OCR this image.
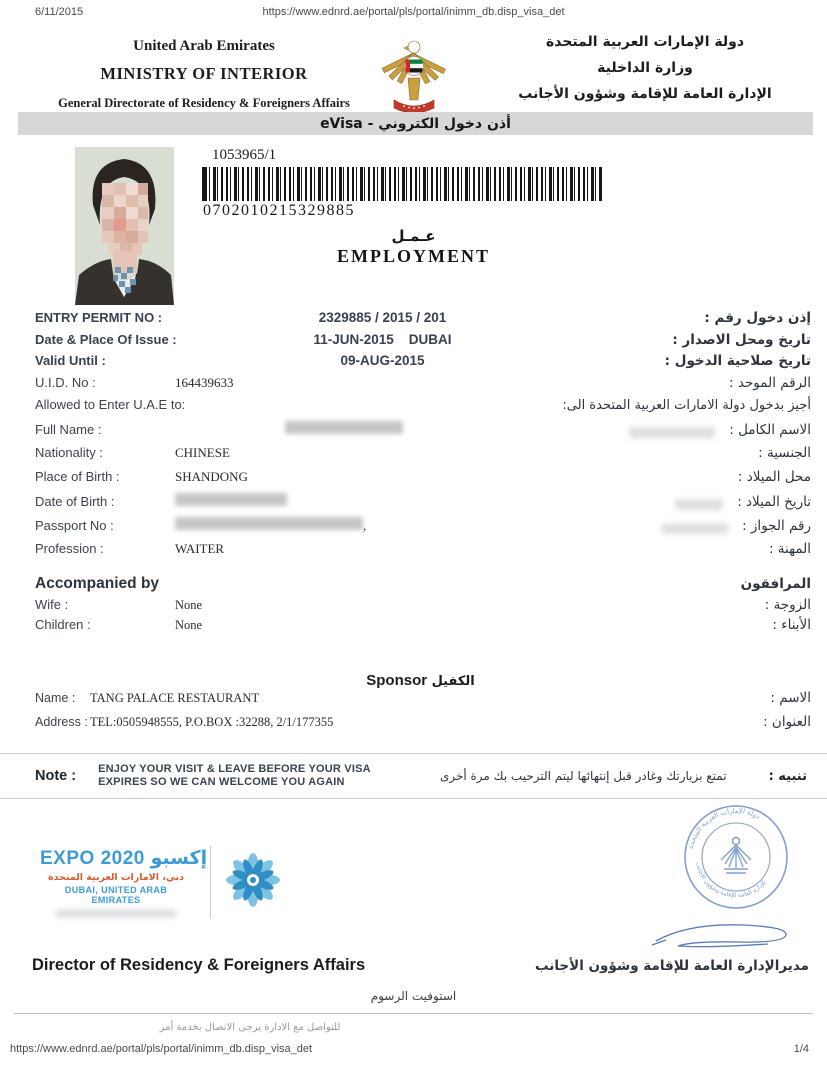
6/11/2015	https://www.ednrd.ae/portal/pls/portal/inimm_db.disp_visa_det
United Arab Emirates
MINISTRY OF INTERIOR
General Directorate of Residency & Foreigners Affairs
دولة الإمارات العربية المتحدة
وزارة الداخلية
الإدارة العامة للإقامة وشؤون الأجانب
أذن دخول الكتروني - eVisa
1053965/1
0702010215329885
عـمـل
EMPLOYMENT
ENTRY PERMIT NO :	2329885 / 2015 / 201	إذن دخول رقم :
Date & Place Of Issue :	11-JUN-2015    DUBAI	تاريخ ومحل الاصدار :
Valid Until :	09-AUG-2015	تاريخ صلاحية الدخول :
U.I.D. No :	164439633	الرقم الموحد :
Allowed to Enter U.A.E to:	أجيز بدخول دولة الامارات العربية المتحدة الى:
Full Name :	الاسم الكامل :
Nationality :	CHINESE	الجنسية :
Place of Birth :	SHANDONG	محل الميلاد :
Date of Birth :	تاريخ الميلاد :
Passport No :	,	رقم الجواز :
Profession :	WAITER	المهنة :
Accompanied by	المرافقون
Wife :	None	الزوجة :
Children :	None	الأبناء :
Sponsor الكفيل
Name :	TANG PALACE RESTAURANT	الاسم :
Address : TEL:0505948555, P.O.BOX :32288, 2/1/177355	العنوان :
Note : ENJOY YOUR VISIT & LEAVE BEFORE YOUR VISA
EXPIRES SO WE CAN WELCOME YOU AGAIN	تمتع بزيارتك وغادر قبل إنتهائها ليتم الترحيب بك مرة أخرى	تنبيه :
EXPO 2020 إكسبو
دبي، الامارات العربية المتحدة
DUBAI, UNITED ARAB EMIRATES
دولة الإمارات العربية المتحدة
الإدارة العامة للإقامة وشؤون الأجانب
Director of Residency & Foreigners Affairs	مديرالإدارة العامة للإقامة وشؤون الأجانب
استوفيت الرسوم
للتواصل مع الادارة يرجى الاتصال بخدمة أمر
https://www.ednrd.ae/portal/pls/portal/inimm_db.disp_visa_det	1/4
